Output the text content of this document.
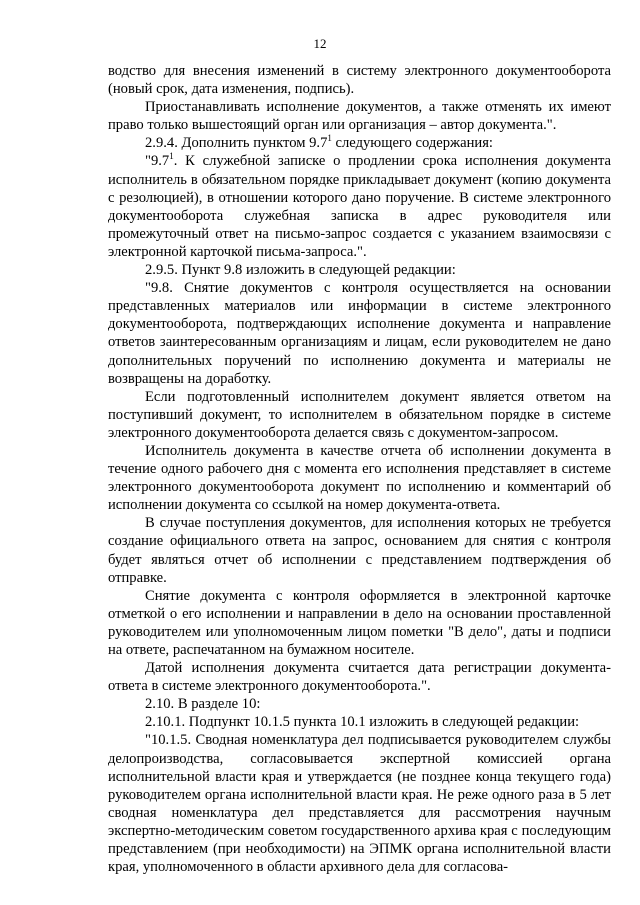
12

водство для внесения изменений в систему электронного документооборота (новый срок, дата изменения, подпись).

Приостанавливать исполнение документов, а также отменять их имеют право только вышестоящий орган или организация – автор документа.".

2.9.4. Дополнить пунктом $9.7^1$ следующего содержания:

"$9.7^1$. К служебной записке о продлении срока исполнения документа исполнитель в обязательном порядке прикладывает документ (копию документа с резолюцией), в отношении которого дано поручение. В системе электронного документооборота служебная записка в адрес руководителя или промежуточный ответ на письмо-запрос создается с указанием взаимосвязи с электронной карточкой письма-запроса.".

2.9.5. Пункт 9.8 изложить в следующей редакции:

"9.8. Снятие документов с контроля осуществляется на основании представленных материалов или информации в системе электронного документооборота, подтверждающих исполнение документа и направление ответов заинтересованным организациям и лицам, если руководителем не дано дополнительных поручений по исполнению документа и материалы не возвращены на доработку.

Если подготовленный исполнителем документ является ответом на поступивший документ, то исполнителем в обязательном порядке в системе электронного документооборота делается связь с документом-запросом.

Исполнитель документа в качестве отчета об исполнении документа в течение одного рабочего дня с момента его исполнения представляет в системе электронного документооборота документ по исполнению и комментарий об исполнении документа со ссылкой на номер документа-ответа.

В случае поступления документов, для исполнения которых не требуется создание официального ответа на запрос, основанием для снятия с контроля будет являться отчет об исполнении с представлением подтверждения об отправке.

Снятие документа с контроля оформляется в электронной карточке отметкой о его исполнении и направлении в дело на основании проставленной руководителем или уполномоченным лицом пометки "В дело", даты и подписи на ответе, распечатанном на бумажном носителе.

Датой исполнения документа считается дата регистрации документа-ответа в системе электронного документооборота.".

2.10. В разделе 10:

2.10.1. Подпункт 10.1.5 пункта 10.1 изложить в следующей редакции:

"10.1.5. Сводная номенклатура дел подписывается руководителем службы делопроизводства, согласовывается экспертной комиссией органа исполнительной власти края и утверждается (не позднее конца текущего года) руководителем органа исполнительной власти края. Не реже одного раза в 5 лет сводная номенклатура дел представляется для рассмотрения научным экспертно-методическим советом государственного архива края с последующим представлением (при необходимости) на ЭПМК органа исполнительной власти края, уполномоченного в области архивного дела для согласова-
